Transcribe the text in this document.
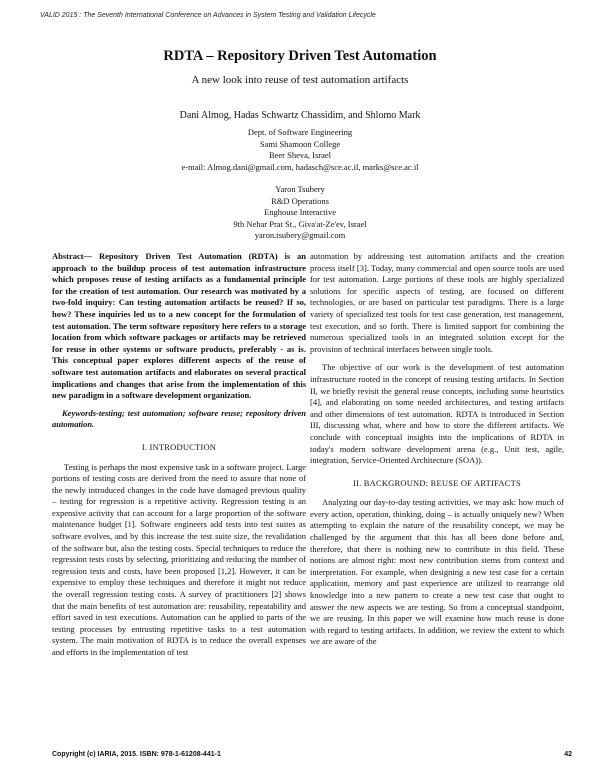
VALID 2015 : The Seventh International Conference on Advances in System Testing and Validation Lifecycle

RDTA – Repository Driven Test Automation

A new look into reuse of test automation artifacts

Dani Almog, Hadas Schwartz Chassidim, and Shlomo Mark
Dept. of Software Engineering
Sami Shamoon College
Beer Sheva, Israel
e-mail: Almog.dani@gmail.com, hadasch@sce.ac.il, marks@sce.ac.il
Yaron Tsubery
R&D Operations
Enghouse Interactive
9th Nehar Prat St., Giva'at-Ze'ev, Israel
yaron.tsubery@gmail.com

Abstract— Repository Driven Test Automation (RDTA) is an approach to the buildup process of test automation infrastructure which proposes reuse of testing artifacts as a fundamental principle for the creation of test automation. Our research was motivated by a two-fold inquiry: Can testing automation artifacts be reused? If so, how? These inquiries led us to a new concept for the formulation of test automation. The term software repository here refers to a storage location from which software packages or artifacts may be retrieved for reuse in other systems or software products, preferably - as is. This conceptual paper explores different aspects of the reuse of software test automation artifacts and elaborates on several practical implications and changes that arise from the implementation of this new paradigm in a software development organization.

Keywords-testing; test automation; software reuse; repository driven automation.

I. INTRODUCTION

Testing is perhaps the most expensive task in a software project. Large portions of testing costs are derived from the need to assure that none of the newly introduced changes in the code have damaged previous quality – testing for regression is a repetitive activity. Regression testing is an expensive activity that can account for a large proportion of the software maintenance budget [1]. Software engineers add tests into test suites as software evolves, and by this increase the test suite size, the revalidation of the software but, also the testing costs. Special techniques to reduce the regression tests costs by selecting, prioritizing and reducing the number of regression tests and costs, have been proposed [1,2]. However, it can be expensive to employ these techniques and therefore it might not reduce the overall regression testing costs. A survey of practitioners [2] shows that the main benefits of test automation are: reusability, repeatability and effort saved in test executions. Automation can be applied to parts of the testing processes by entrusting repetitive tasks to a test automation system. The main motivation of RDTA is to reduce the overall expenses and efforts in the implementation of test

automation by addressing test automation artifacts and the creation process itself [3]. Today, many commercial and open source tools are used for test automation. Large portions of these tools are highly specialized solutions for specific aspects of testing, are focused on different technologies, or are based on particular test paradigms. There is a large variety of specialized test tools for test case generation, test management, test execution, and so forth. There is limited support for combining the numerous specialized tools in an integrated solution except for the provision of technical interfaces between single tools.

The objective of our work is the development of test automation infrastructure rooted in the concept of reusing testing artifacts. In Section II, we briefly revisit the general reuse concepts, including some heuristics [4], and elaborating on some needed architectures, and testing artifacts and other dimensions of test automation. RDTA is introduced in Section III, discussing what, where and how to store the different artifacts. We conclude with conceptual insights into the implications of RDTA in today's modern software development arena (e.g., Unit test, agile, integration, Service-Oriented Architecture (SOA)).

II. BACKGROUND: REUSE OF ARTIFACTS

Analyzing our day-to-day testing activities, we may ask: how much of every action, operation, thinking, doing – is actually uniquely new? When attempting to explain the nature of the reusability concept, we may be challenged by the argument that this has all been done before and, therefore, that there is nothing new to contribute in this field. These notions are almost right: most new contribution stems from context and interpretation. For example, when designing a new test case for a certain application, memory and past experience are utilized to rearrange old knowledge into a new pattern to create a new test case that ought to answer the new aspects we are testing. So from a conceptual standpoint, we are reusing. In this paper we will examine how much reuse is done with regard to testing artifacts. In addition, we review the extent to which we are aware of the

Copyright (c) IARIA, 2015. ISBN: 978-1-61208-441-1	42
